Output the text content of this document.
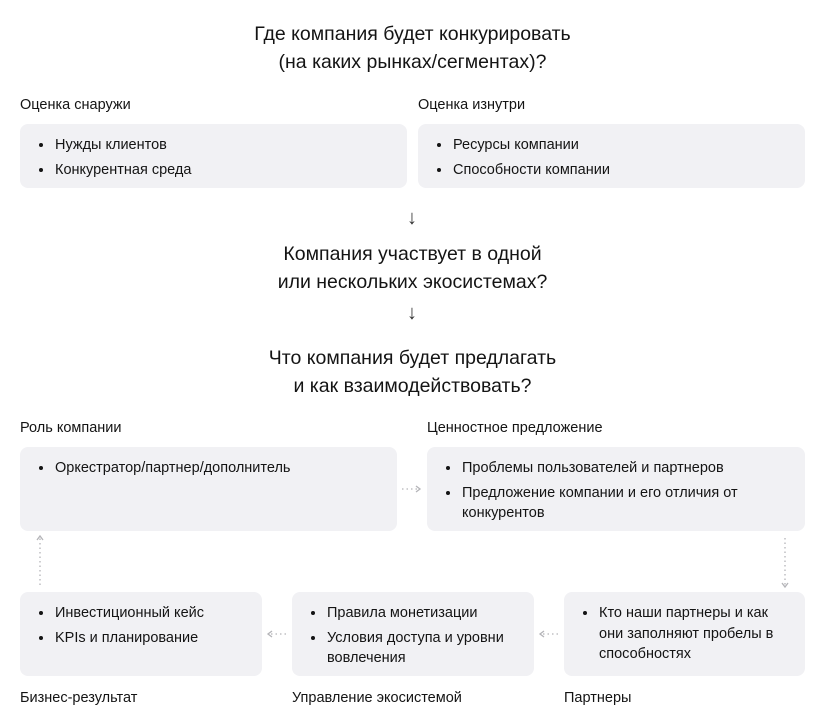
Где компания будет конкурировать
(на каких рынках/сегментах)?
Оценка снаружи	Оценка изнутри
Нужды клиентов
Конкурентная среда
Ресурсы компании
Способности компании
↓
Компания участвует в одной
или нескольких экосистемах?
↓
Что компания будет предлагать
и как взаимодействовать?
Роль компании	Ценностное предложение
Оркестратор/партнер/дополнитель	Проблемы пользователей и партнеров
Предложение компании и его отличия от конкурентов
Инвестиционный кейс
KPIs и планирование
Правила монетизации
Условия доступа и уровни вовлечения
Кто наши партнеры и как они заполняют пробелы в способностях
Бизнес-результат	Управление экосистемой	Партнеры
